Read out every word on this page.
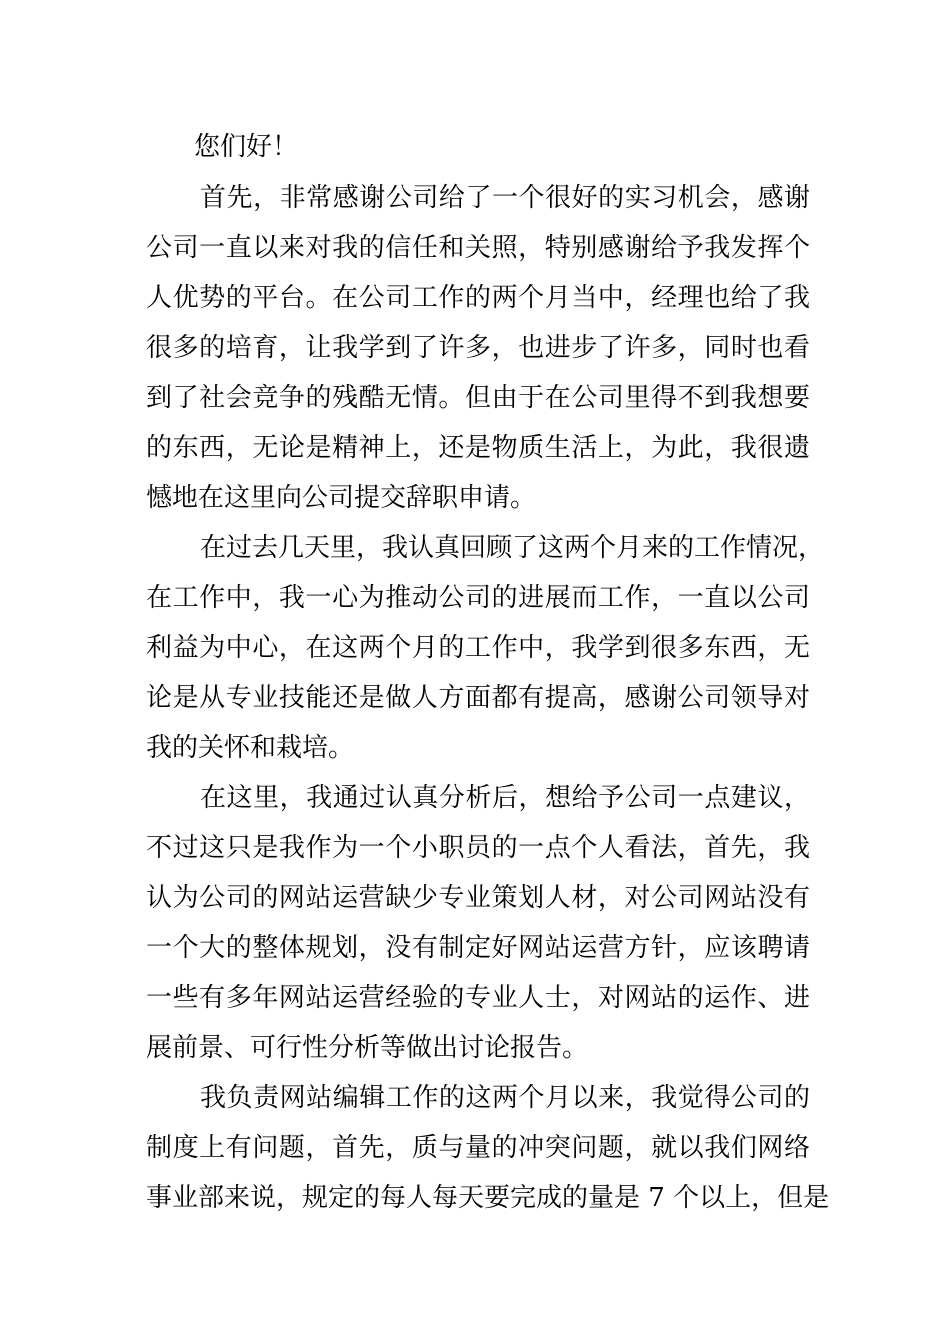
您们好！
首先，非常感谢公司给了一个很好的实习机会，感谢
公司一直以来对我的信任和关照，特别感谢给予我发挥个
人优势的平台。在公司工作的两个月当中，经理也给了我
很多的培育，让我学到了许多，也进步了许多，同时也看
到了社会竞争的残酷无情。但由于在公司里得不到我想要
的东西，无论是精神上，还是物质生活上，为此，我很遗
憾地在这里向公司提交辞职申请。
在过去几天里，我认真回顾了这两个月来的工作情况，
在工作中，我一心为推动公司的进展而工作，一直以公司
利益为中心，在这两个月的工作中，我学到很多东西，无
论是从专业技能还是做人方面都有提高，感谢公司领导对
我的关怀和栽培。
在这里，我通过认真分析后，想给予公司一点建议，
不过这只是我作为一个小职员的一点个人看法，首先，我
认为公司的网站运营缺少专业策划人材，对公司网站没有
一个大的整体规划，没有制定好网站运营方针，应该聘请
一些有多年网站运营经验的专业人士，对网站的运作、进
展前景、可行性分析等做出讨论报告。
我负责网站编辑工作的这两个月以来，我觉得公司的
制度上有问题，首先，质与量的冲突问题，就以我们网络
事业部来说，规定的每人每天要完成的量是 7 个以上，但是
